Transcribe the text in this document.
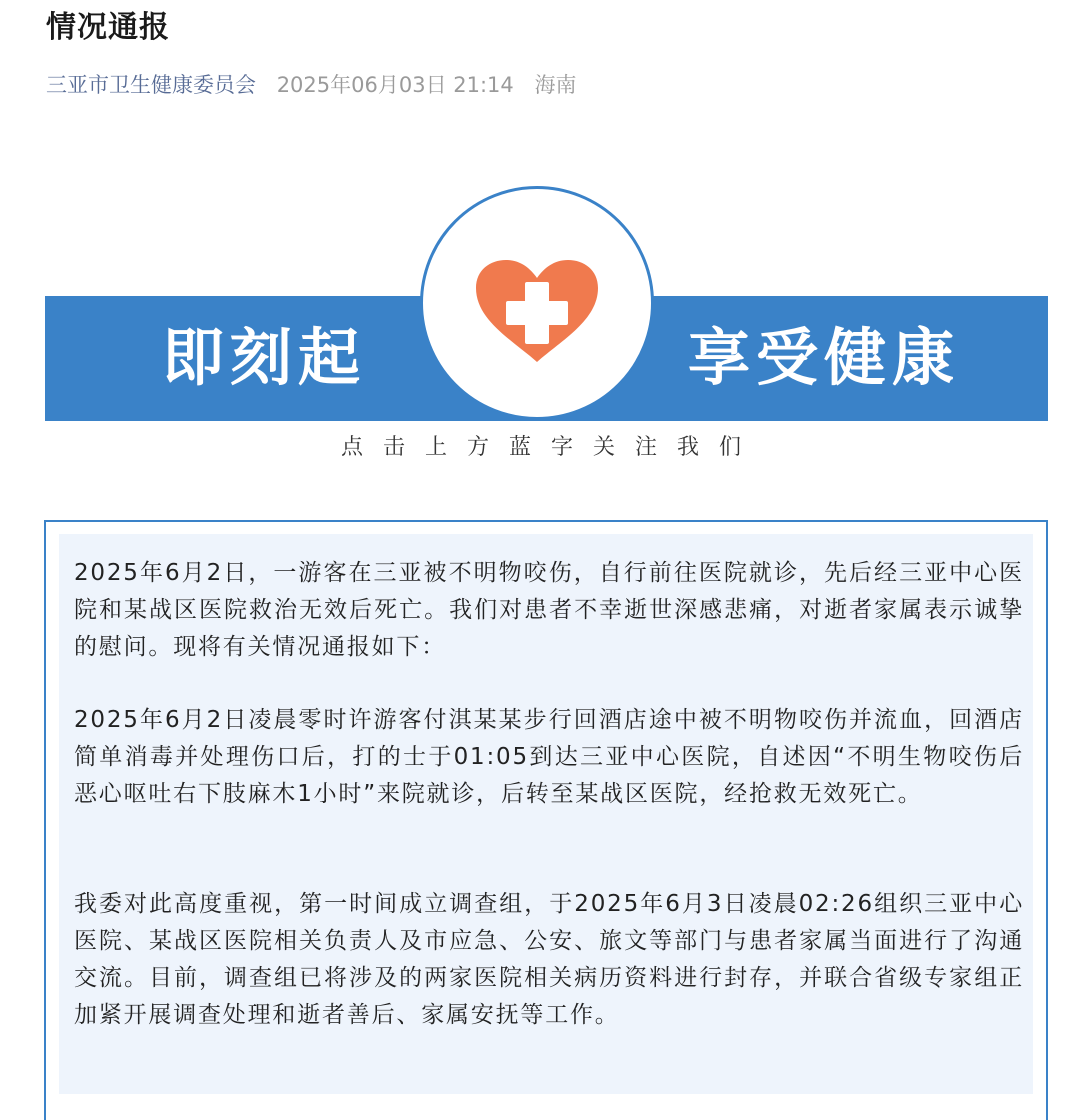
情况通报
三亚市卫生健康委员会 2025年06月03日 21:14 海南
即刻起	享受健康
点击上方蓝字关注我们
2025年6月2日，一游客在三亚被不明物咬伤，自行前往医院就诊，先后经三亚中心医院和某战区医院救治无效后死亡。我们对患者不幸逝世深感悲痛，对逝者家属表示诚挚的慰问。现将有关情况通报如下：
2025年6月2日凌晨零时许游客付淇某某步行回酒店途中被不明物咬伤并流血，回酒店简单消毒并处理伤口后，打的士于01:05到达三亚中心医院，自述因“不明生物咬伤后恶心呕吐右下肢麻木1小时”来院就诊，后转至某战区医院，经抢救无效死亡。
我委对此高度重视，第一时间成立调查组，于2025年6月3日凌晨02:26组织三亚中心医院、某战区医院相关负责人及市应急、公安、旅文等部门与患者家属当面进行了沟通交流。目前，调查组已将涉及的两家医院相关病历资料进行封存，并联合省级专家组正加紧开展调查处理和逝者善后、家属安抚等工作。
